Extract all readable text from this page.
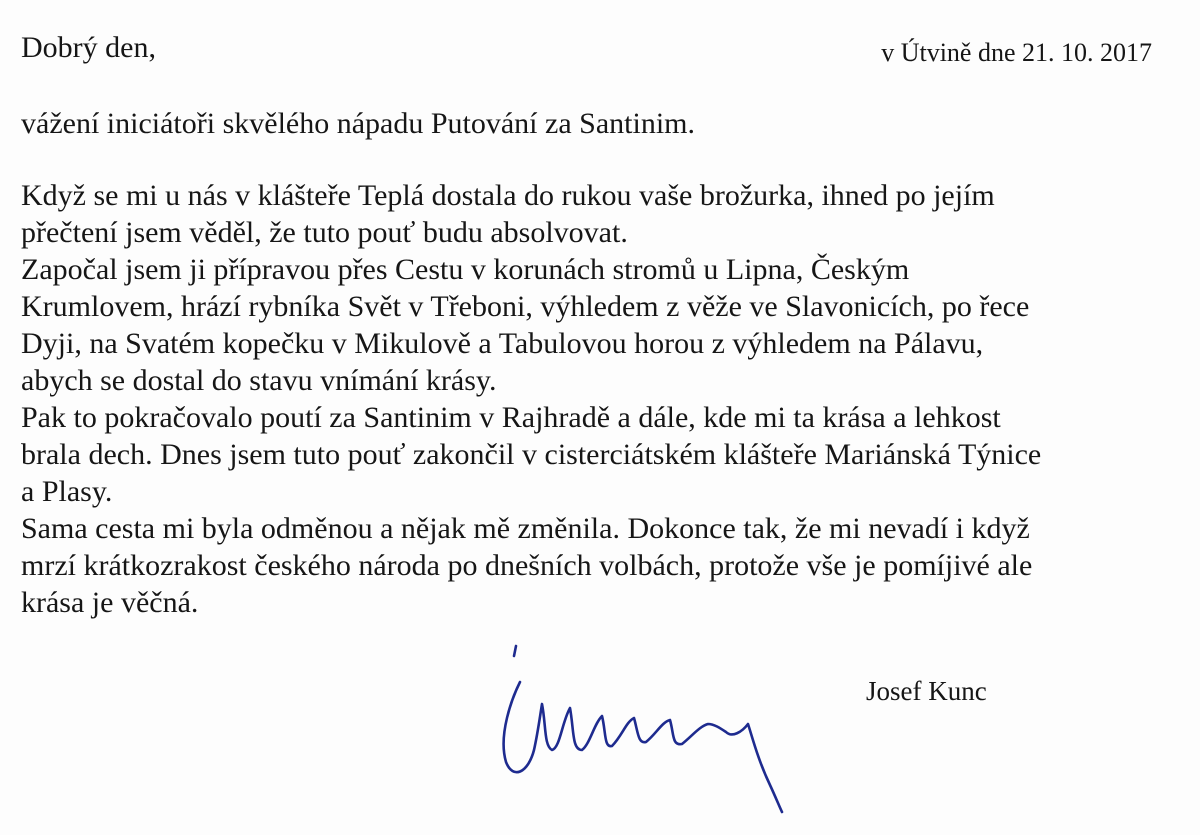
Dobrý den,	v Útvině dne 21. 10. 2017

vážení iniciátoři skvělého nápadu Putování za Santinim.

Když se mi u nás v klášteře Teplá dostala do rukou vaše brožurka, ihned po jejím
přečtení jsem věděl, že tuto pouť budu absolvovat.
Započal jsem ji přípravou přes Cestu v korunách stromů u Lipna, Českým
Krumlovem, hrází rybníka Svět v Třeboni, výhledem z věže ve Slavonicích, po řece
Dyji, na Svatém kopečku v Mikulově a Tabulovou horou z výhledem na Pálavu,
abych se dostal do stavu vnímání krásy.
Pak to pokračovalo poutí za Santinim v Rajhradě a dále, kde mi ta krása a lehkost
brala dech. Dnes jsem tuto pouť zakončil v cisterciátském klášteře Mariánská Týnice
a Plasy.
Sama cesta mi byla odměnou a nějak mě změnila. Dokonce tak, že mi nevadí i když
mrzí krátkozrakost českého národa po dnešních volbách, protože vše je pomíjivé ale
krása je věčná.

Josef Kunc
